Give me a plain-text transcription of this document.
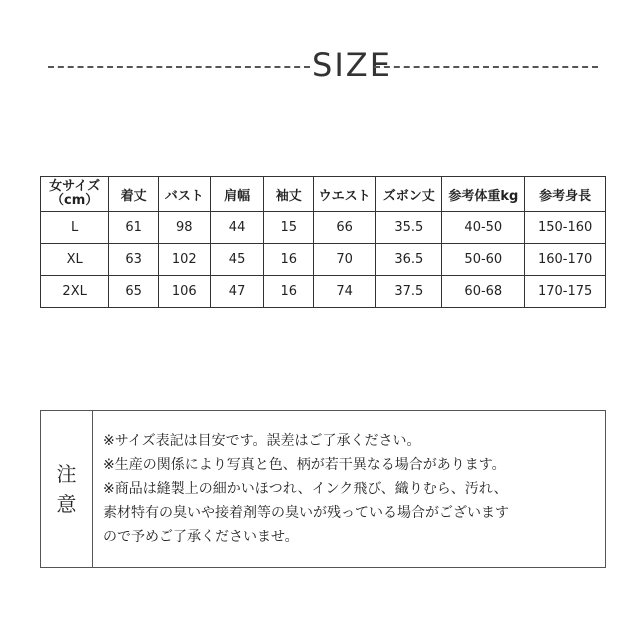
SIZE
女サイズ（cm）	着丈	バスト	肩幅	袖丈	ウエスト	ズボン丈	参考体重kg	参考身長
L	61	98	44	15	66	35.5	40-50	150-160
XL	63	102	45	16	70	36.5	50-60	160-170
2XL	65	106	47	16	74	37.5	60-68	170-175
注
意
※サイズ表記は目安です。誤差はご了承ください。
※生産の関係により写真と色、柄が若干異なる場合があります。
※商品は縫製上の細かいほつれ、インク飛び、織りむら、汚れ、
素材特有の臭いや接着剤等の臭いが残っている場合がございます
ので予めご了承くださいませ。
